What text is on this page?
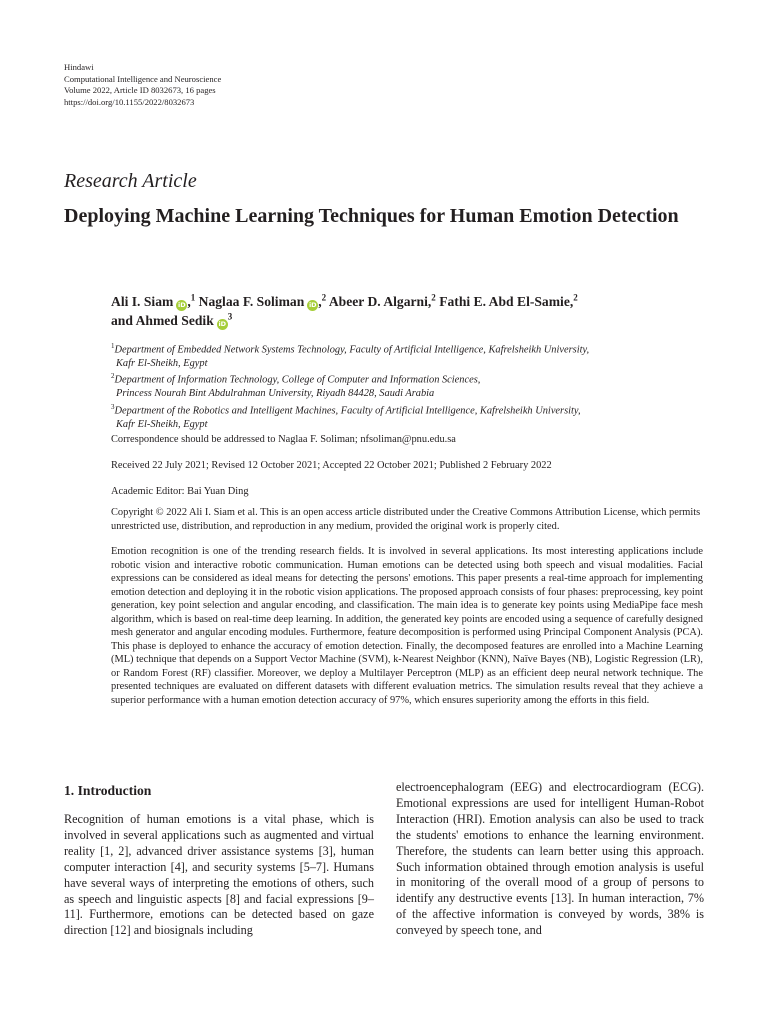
Hindawi
Computational Intelligence and Neuroscience
Volume 2022, Article ID 8032673, 16 pages
https://doi.org/10.1155/2022/8032673
Research Article
Deploying Machine Learning Techniques for Human Emotion Detection
Ali I. Siam iD ,$^1$ Naglaa F. Soliman iD ,$^2$ Abeer D. Algarni,$^2$ Fathi E. Abd El-Samie,$^2$
and Ahmed Sedik $iD^3$
$^1$Department of Embedded Network Systems Technology, Faculty of Artificial Intelligence, Kafrelsheikh University,
Kafr El-Sheikh, Egypt
$^2$Department of Information Technology, College of Computer and Information Sciences,
Princess Nourah Bint Abdulrahman University, Riyadh 84428, Saudi Arabia
$^3$Department of the Robotics and Intelligent Machines, Faculty of Artificial Intelligence, Kafrelsheikh University,
Kafr El-Sheikh, Egypt
Correspondence should be addressed to Naglaa F. Soliman; nfsoliman@pnu.edu.sa
Received 22 July 2021; Revised 12 October 2021; Accepted 22 October 2021; Published 2 February 2022
Academic Editor: Bai Yuan Ding
Copyright © 2022 Ali I. Siam et al. This is an open access article distributed under the Creative Commons Attribution License, which permits unrestricted use, distribution, and reproduction in any medium, provided the original work is properly cited.
Emotion recognition is one of the trending research fields. It is involved in several applications. Its most interesting applications include robotic vision and interactive robotic communication. Human emotions can be detected using both speech and visual modalities. Facial expressions can be considered as ideal means for detecting the persons' emotions. This paper presents a real-time approach for implementing emotion detection and deploying it in the robotic vision applications. The proposed approach consists of four phases: preprocessing, key point generation, key point selection and angular encoding, and classification. The main idea is to generate key points using MediaPipe face mesh algorithm, which is based on real-time deep learning. In addition, the generated key points are encoded using a sequence of carefully designed mesh generator and angular encoding modules. Furthermore, feature decomposition is performed using Principal Component Analysis (PCA). This phase is deployed to enhance the accuracy of emotion detection. Finally, the decomposed features are enrolled into a Machine Learning (ML) technique that depends on a Support Vector Machine (SVM), k-Nearest Neighbor (KNN), Naïve Bayes (NB), Logistic Regression (LR), or Random Forest (RF) classifier. Moreover, we deploy a Multilayer Perceptron (MLP) as an efficient deep neural network technique. The presented techniques are evaluated on different datasets with different evaluation metrics. The simulation results reveal that they achieve a superior performance with a human emotion detection accuracy of 97%, which ensures superiority among the efforts in this field.
1. Introduction

Recognition of human emotions is a vital phase, which is involved in several applications such as augmented and virtual reality [1, 2], advanced driver assistance systems [3], human computer interaction [4], and security systems [5–7]. Humans have several ways of interpreting the emotions of others, such as speech and linguistic aspects [8] and facial expressions [9–11]. Furthermore, emotions can be detected based on gaze direction [12] and biosignals including

electroencephalogram (EEG) and electrocardiogram (ECG). Emotional expressions are used for intelligent Human-Robot Interaction (HRI). Emotion analysis can also be used to track the students' emotions to enhance the learning environment. Therefore, the students can learn better using this approach. Such information obtained through emotion analysis is useful in monitoring of the overall mood of a group of persons to identify any destructive events [13]. In human interaction, 7% of the affective information is conveyed by words, 38% is conveyed by speech tone, and
